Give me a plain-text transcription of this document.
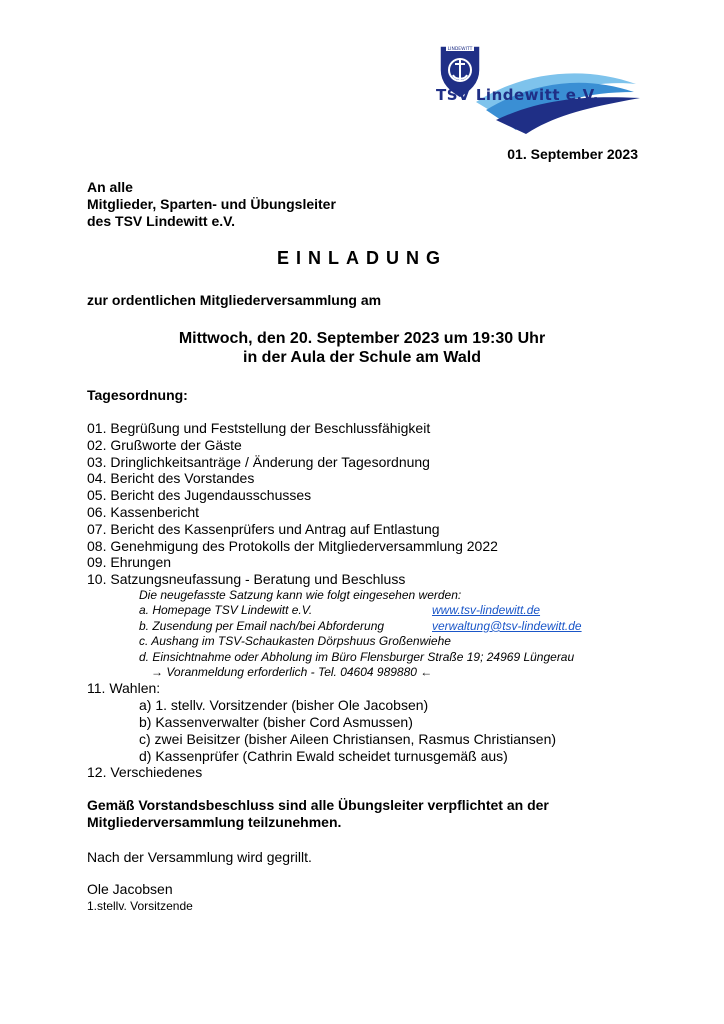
LINDEWITT
TSV Lindewitt e.V.
01. September 2023
An alle
Mitglieder, Sparten- und Übungsleiter
des TSV Lindewitt e.V.
EINLADUNG
zur ordentlichen Mitgliederversammlung am
Mittwoch, den 20. September 2023 um 19:30 Uhr
in der Aula der Schule am Wald
Tagesordnung:
01. Begrüßung und Feststellung der Beschlussfähigkeit
02. Grußworte der Gäste
03. Dringlichkeitsanträge / Änderung der Tagesordnung
04. Bericht des Vorstandes
05. Bericht des Jugendausschusses
06. Kassenbericht
07. Bericht des Kassenprüfers und Antrag auf Entlastung
08. Genehmigung des Protokolls der Mitgliederversammlung 2022
09. Ehrungen
10. Satzungsneufassung - Beratung und Beschluss
Die neugefasste Satzung kann wie folgt eingesehen werden:
a. Homepage TSV Lindewitt e.V.	www.tsv-lindewitt.de
b. Zusendung per Email nach/bei Abforderung	verwaltung@tsv-lindewitt.de
c. Aushang im TSV-Schaukasten Dörpshuus Großenwiehe
d. Einsichtnahme oder Abholung im Büro Flensburger Straße 19; 24969 Lüngerau
→ Voranmeldung erforderlich - Tel. 04604 989880 ←
11. Wahlen:
a) 1. stellv. Vorsitzender (bisher Ole Jacobsen)
b) Kassenverwalter (bisher Cord Asmussen)
c) zwei Beisitzer (bisher Aileen Christiansen, Rasmus Christiansen)
d) Kassenprüfer (Cathrin Ewald scheidet turnusgemäß aus)
12. Verschiedenes
Gemäß Vorstandsbeschluss sind alle Übungsleiter verpflichtet an der
Mitgliederversammlung teilzunehmen.
Nach der Versammlung wird gegrillt.
Ole Jacobsen
1.stellv. Vorsitzende
